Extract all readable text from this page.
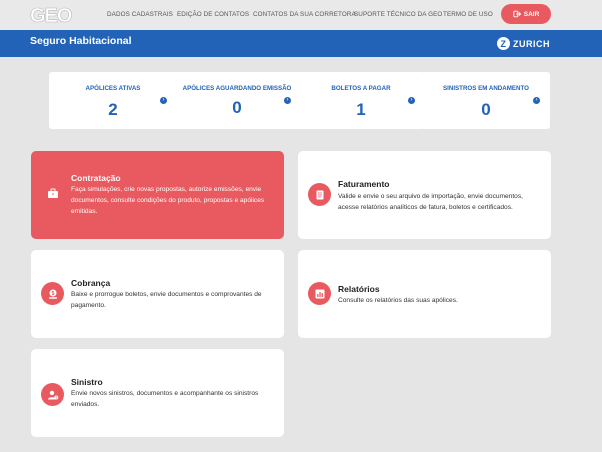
GEO	DADOS CADASTRAIS EDIÇÃO DE CONTATOS CONTATOS DA SUA CORRETORA
SUPORTE TÉCNICO DA GEO TERMO DE USO	SAIR
Seguro Habitacional	Z ZURICH
APÓLICES ATIVAS
2	›
APÓLICES AGUARDANDO EMISSÃO
0	›
BOLETOS A PAGAR
1	›
SINISTROS EM ANDAMENTO
0	›
Contratação
Faça simulações, crie novas propostas, autorize emissões, envie documentos, consulte condições do produto, propostas e apólices emitidas.
Faturamento
Valide e envie o seu arquivo de importação, envie documentos, acesse relatórios analíticos de fatura, boletos e certificados.
$
Cobrança
Baixe e prorrogue boletos, envie documentos e comprovantes de pagamento.
Relatórios
Consulte os relatórios das suas apólices.
Sinistro
Envie novos sinistros, documentos e acompanhante os sinistros enviados.
